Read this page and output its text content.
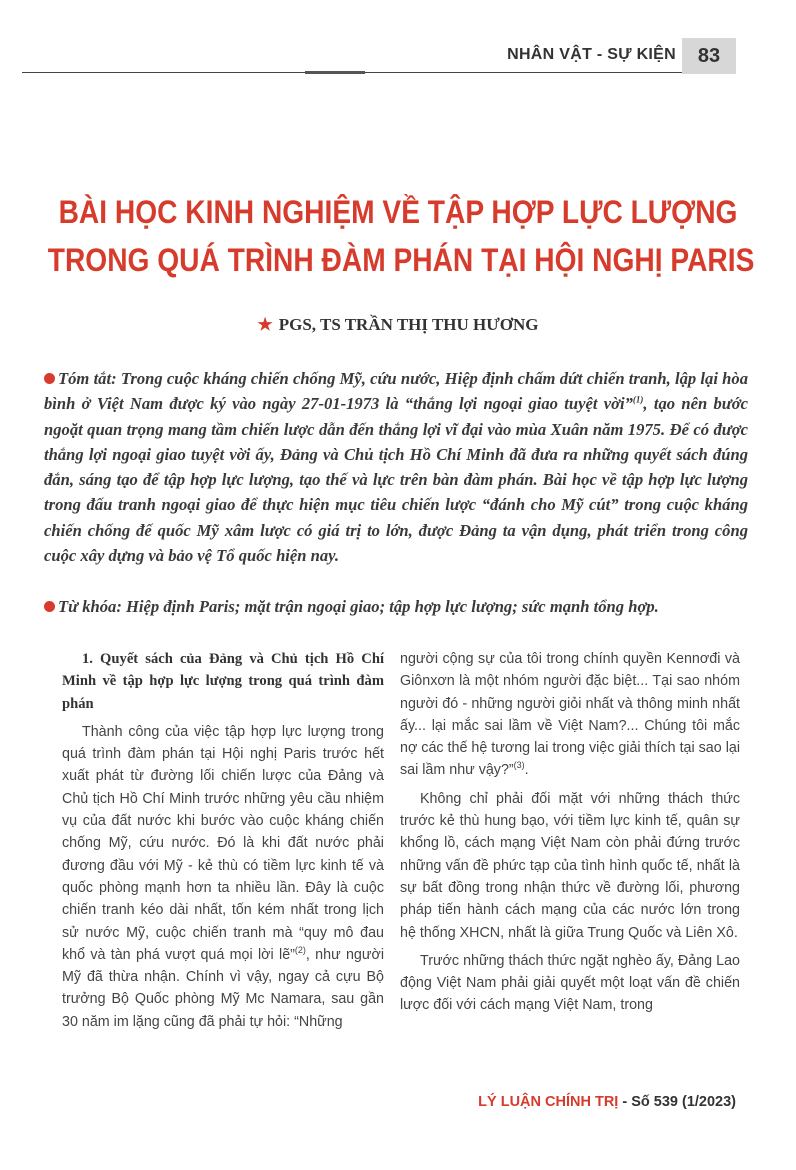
NHÂN VẬT - SỰ KIỆN	83
BÀI HỌC KINH NGHIỆM VỀ TẬP HỢP LỰC LƯỢNG
TRONG QUÁ TRÌNH ĐÀM PHÁN TẠI HỘI NGHỊ PARIS
★ PGS, TS TRẦN THỊ THU HƯƠNG
Tóm tắt: Trong cuộc kháng chiến chống Mỹ, cứu nước, Hiệp định chấm dứt chiến tranh, lập lại hòa bình ở Việt Nam được ký vào ngày 27-01-1973 là “thắng lợi ngoại giao tuyệt vời”$^{(1)}$, tạo nên bước ngoặt quan trọng mang tầm chiến lược dẫn đến thắng lợi vĩ đại vào mùa Xuân năm 1975. Để có được thắng lợi ngoại giao tuyệt vời ấy, Đảng và Chủ tịch Hồ Chí Minh đã đưa ra những quyết sách đúng đắn, sáng tạo để tập hợp lực lượng, tạo thế và lực trên bàn đàm phán. Bài học về tập hợp lực lượng trong đấu tranh ngoại giao để thực hiện mục tiêu chiến lược “đánh cho Mỹ cút” trong cuộc kháng chiến chống đế quốc Mỹ xâm lược có giá trị to lớn, được Đảng ta vận dụng, phát triển trong công cuộc xây dựng và bảo vệ Tổ quốc hiện nay.
Từ khóa: Hiệp định Paris; mặt trận ngoại giao; tập hợp lực lượng; sức mạnh tổng hợp.

1. Quyết sách của Đảng và Chủ tịch Hồ Chí Minh về tập hợp lực lượng trong quá trình đàm phán

Thành công của việc tập hợp lực lượng trong quá trình đàm phán tại Hội nghị Paris trước hết xuất phát từ đường lối chiến lược của Đảng và Chủ tịch Hồ Chí Minh trước những yêu cầu nhiệm vụ của đất nước khi bước vào cuộc kháng chiến chống Mỹ, cứu nước. Đó là khi đất nước phải đương đầu với Mỹ - kẻ thù có tiềm lực kinh tế và quốc phòng mạnh hơn ta nhiều lần. Đây là cuộc chiến tranh kéo dài nhất, tốn kém nhất trong lịch sử nước Mỹ, cuộc chiến tranh mà “quy mô đau khổ và tàn phá vượt quá mọi lời lẽ”$^{(2)}$, như người Mỹ đã thừa nhận. Chính vì vậy, ngay cả cựu Bộ trưởng Bộ Quốc phòng Mỹ Mc Namara, sau gần 30 năm im lặng cũng đã phải tự hỏi: “Những

người cộng sự của tôi trong chính quyền Kennơđi và Giônxơn là một nhóm người đặc biệt... Tại sao nhóm người đó - những người giỏi nhất và thông minh nhất ấy... lại mắc sai lầm về Việt Nam?... Chúng tôi mắc nợ các thế hệ tương lai trong việc giải thích tại sao lại sai lầm như vậy?”$^{(3)}$.

Không chỉ phải đối mặt với những thách thức trước kẻ thù hung bạo, với tiềm lực kinh tế, quân sự khổng lồ, cách mạng Việt Nam còn phải đứng trước những vấn đề phức tạp của tình hình quốc tế, nhất là sự bất đồng trong nhận thức về đường lối, phương pháp tiến hành cách mạng của các nước lớn trong hệ thống XHCN, nhất là giữa Trung Quốc và Liên Xô.

Trước những thách thức ngặt nghèo ấy, Đảng Lao động Việt Nam phải giải quyết một loạt vấn đề chiến lược đối với cách mạng Việt Nam, trong

LÝ LUẬN CHÍNH TRỊ - Số 539 (1/2023)
